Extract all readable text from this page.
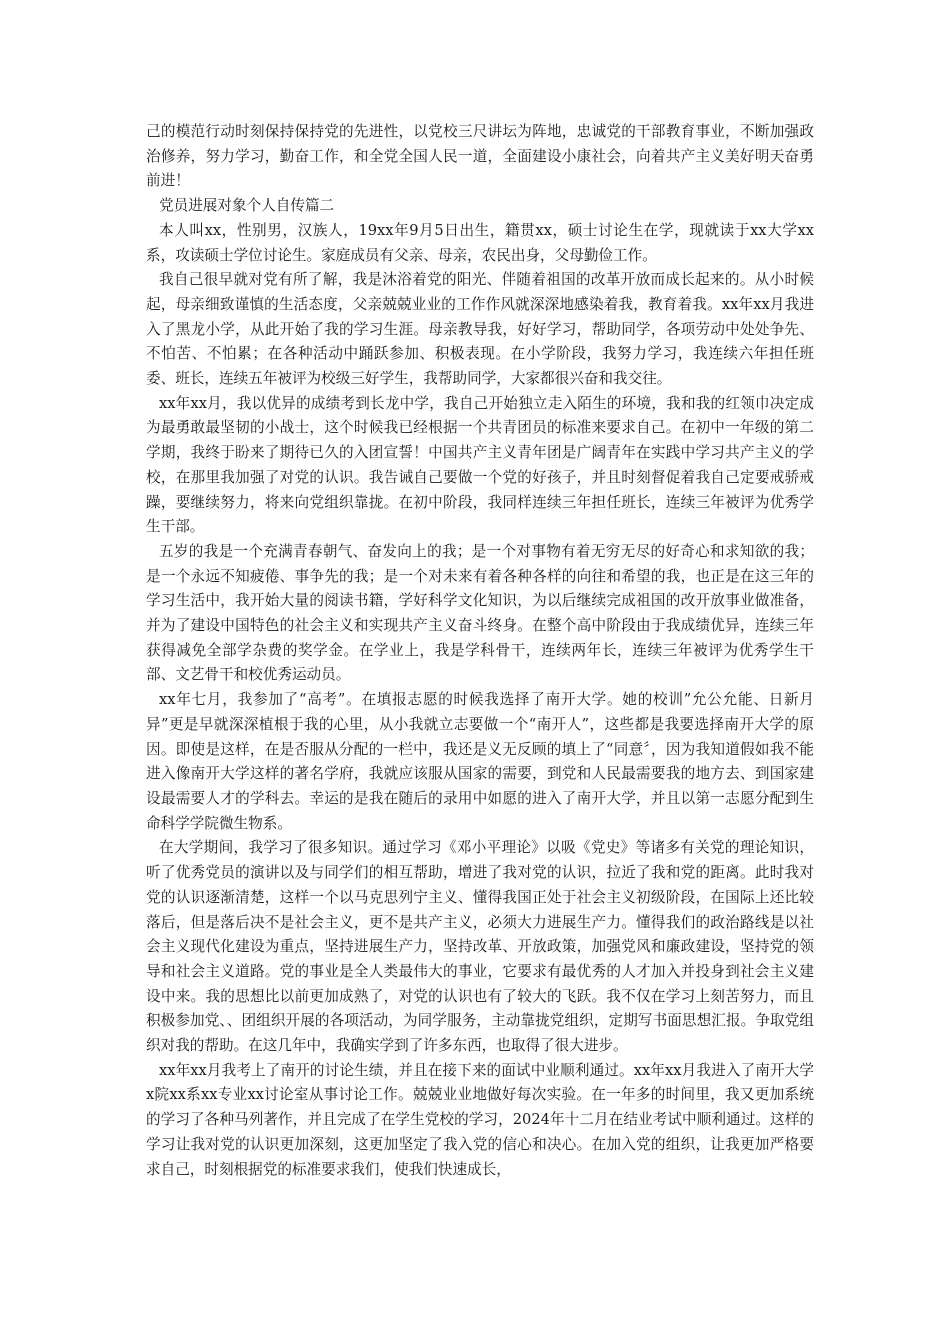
己的模范行动时刻保持保持党的先进性，以党校三尺讲坛为阵地，忠诚党的干部教育事业，不断加强政治修养，努力学习，勤奋工作，和全党全国人民一道，全面建设小康社会，向着共产主义美好明天奋勇前进！

党员进展对象个人自传篇二

本人叫xx，性别男，汉族人，19xx年9月5日出生，籍贯xx，硕士讨论生在学，现就读于xx大学xx系，攻读硕士学位讨论生。家庭成员有父亲、母亲，农民出身，父母勤俭工作。

我自己很早就对党有所了解，我是沐浴着党的阳光、伴随着祖国的改革开放而成长起来的。从小时候起，母亲细致谨慎的生活态度，父亲兢兢业业的工作作风就深深地感染着我，教育着我。xx年xx月我进入了黑龙小学，从此开始了我的学习生涯。母亲教导我，好好学习，帮助同学，各项劳动中处处争先、不怕苦、不怕累；在各种活动中踊跃参加、积极表现。在小学阶段，我努力学习，我连续六年担任班委、班长，连续五年被评为校级三好学生，我帮助同学，大家都很兴奋和我交往。

xx年xx月，我以优异的成绩考到长龙中学，我自己开始独立走入陌生的环境，我和我的红领巾决定成为最勇敢最坚韧的小战士，这个时候我已经根据一个共青团员的标准来要求自己。在初中一年级的第二学期，我终于盼来了期待已久的入团宣誓！中国共产主义青年团是广阔青年在实践中学习共产主义的学校，在那里我加强了对党的认识。我告诫自己要做一个党的好孩子，并且时刻督促着我自己定要戒骄戒躁，要继续努力，将来向党组织靠拢。在初中阶段，我同样连续三年担任班长，连续三年被评为优秀学生干部。

五岁的我是一个充满青春朝气、奋发向上的我；是一个对事物有着无穷无尽的好奇心和求知欲的我；是一个永远不知疲倦、事争先的我；是一个对未来有着各种各样的向往和希望的我，也正是在这三年的学习生活中，我开始大量的阅读书籍，学好科学文化知识，为以后继续完成祖国的改开放事业做准备，并为了建设中国特色的社会主义和实现共产主义奋斗终身。在整个高中阶段由于我成绩优异，连续三年获得减免全部学杂费的奖学金。在学业上，我是学科骨干，连续两年长，连续三年被评为优秀学生干部、文艺骨干和校优秀运动员。

xx年七月，我参加了“高考”。在填报志愿的时候我选择了南开大学。她的校训”允公允能、日新月异”更是早就深深植根于我的心里，从小我就立志要做一个“南开人”，这些都是我要选择南开大学的原因。即使是这样，在是否服从分配的一栏中，我还是义无反顾的填上了“同意〞，因为我知道假如我不能进入像南开大学这样的著名学府，我就应该服从国家的需要，到党和人民最需要我的地方去、到国家建设最需要人才的学科去。幸运的是我在随后的录用中如愿的进入了南开大学，并且以第一志愿分配到生命科学学院微生物系。

在大学期间，我学习了很多知识。通过学习《邓小平理论》以吸《党史》等诸多有关党的理论知识，听了优秀党员的演讲以及与同学们的相互帮助，增进了我对党的认识，拉近了我和党的距离。此时我对党的认识逐渐清楚，这样一个以马克思列宁主义、懂得我国正处于社会主义初级阶段，在国际上还比较落后，但是落后决不是社会主义，更不是共产主义，必须大力进展生产力。懂得我们的政治路线是以社会主义现代化建设为重点，坚持进展生产力，坚持改革、开放政策，加强党风和廉政建设，坚持党的领导和社会主义道路。党的事业是全人类最伟大的事业，它要求有最优秀的人才加入并投身到社会主义建设中来。我的思想比以前更加成熟了，对党的认识也有了较大的飞跃。我不仅在学习上刻苦努力，而且积极参加党、、团组织开展的各项活动，为同学服务，主动靠拢党组织，定期写书面思想汇报。争取党组织对我的帮助。在这几年中，我确实学到了许多东西，也取得了很大进步。

xx年xx月我考上了南开的讨论生绩，并且在接下来的面试中业顺利通过。xx年xx月我进入了南开大学x院xx系xx专业xx讨论室从事讨论工作。兢兢业业地做好每次实验。在一年多的时间里，我又更加系统的学习了各种马列著作，并且完成了在学生党校的学习，2024年十二月在结业考试中顺利通过。这样的学习让我对党的认识更加深刻，这更加坚定了我入党的信心和决心。在加入党的组织，让我更加严格要求自己，时刻根据党的标准要求我们，使我们快速成长，
